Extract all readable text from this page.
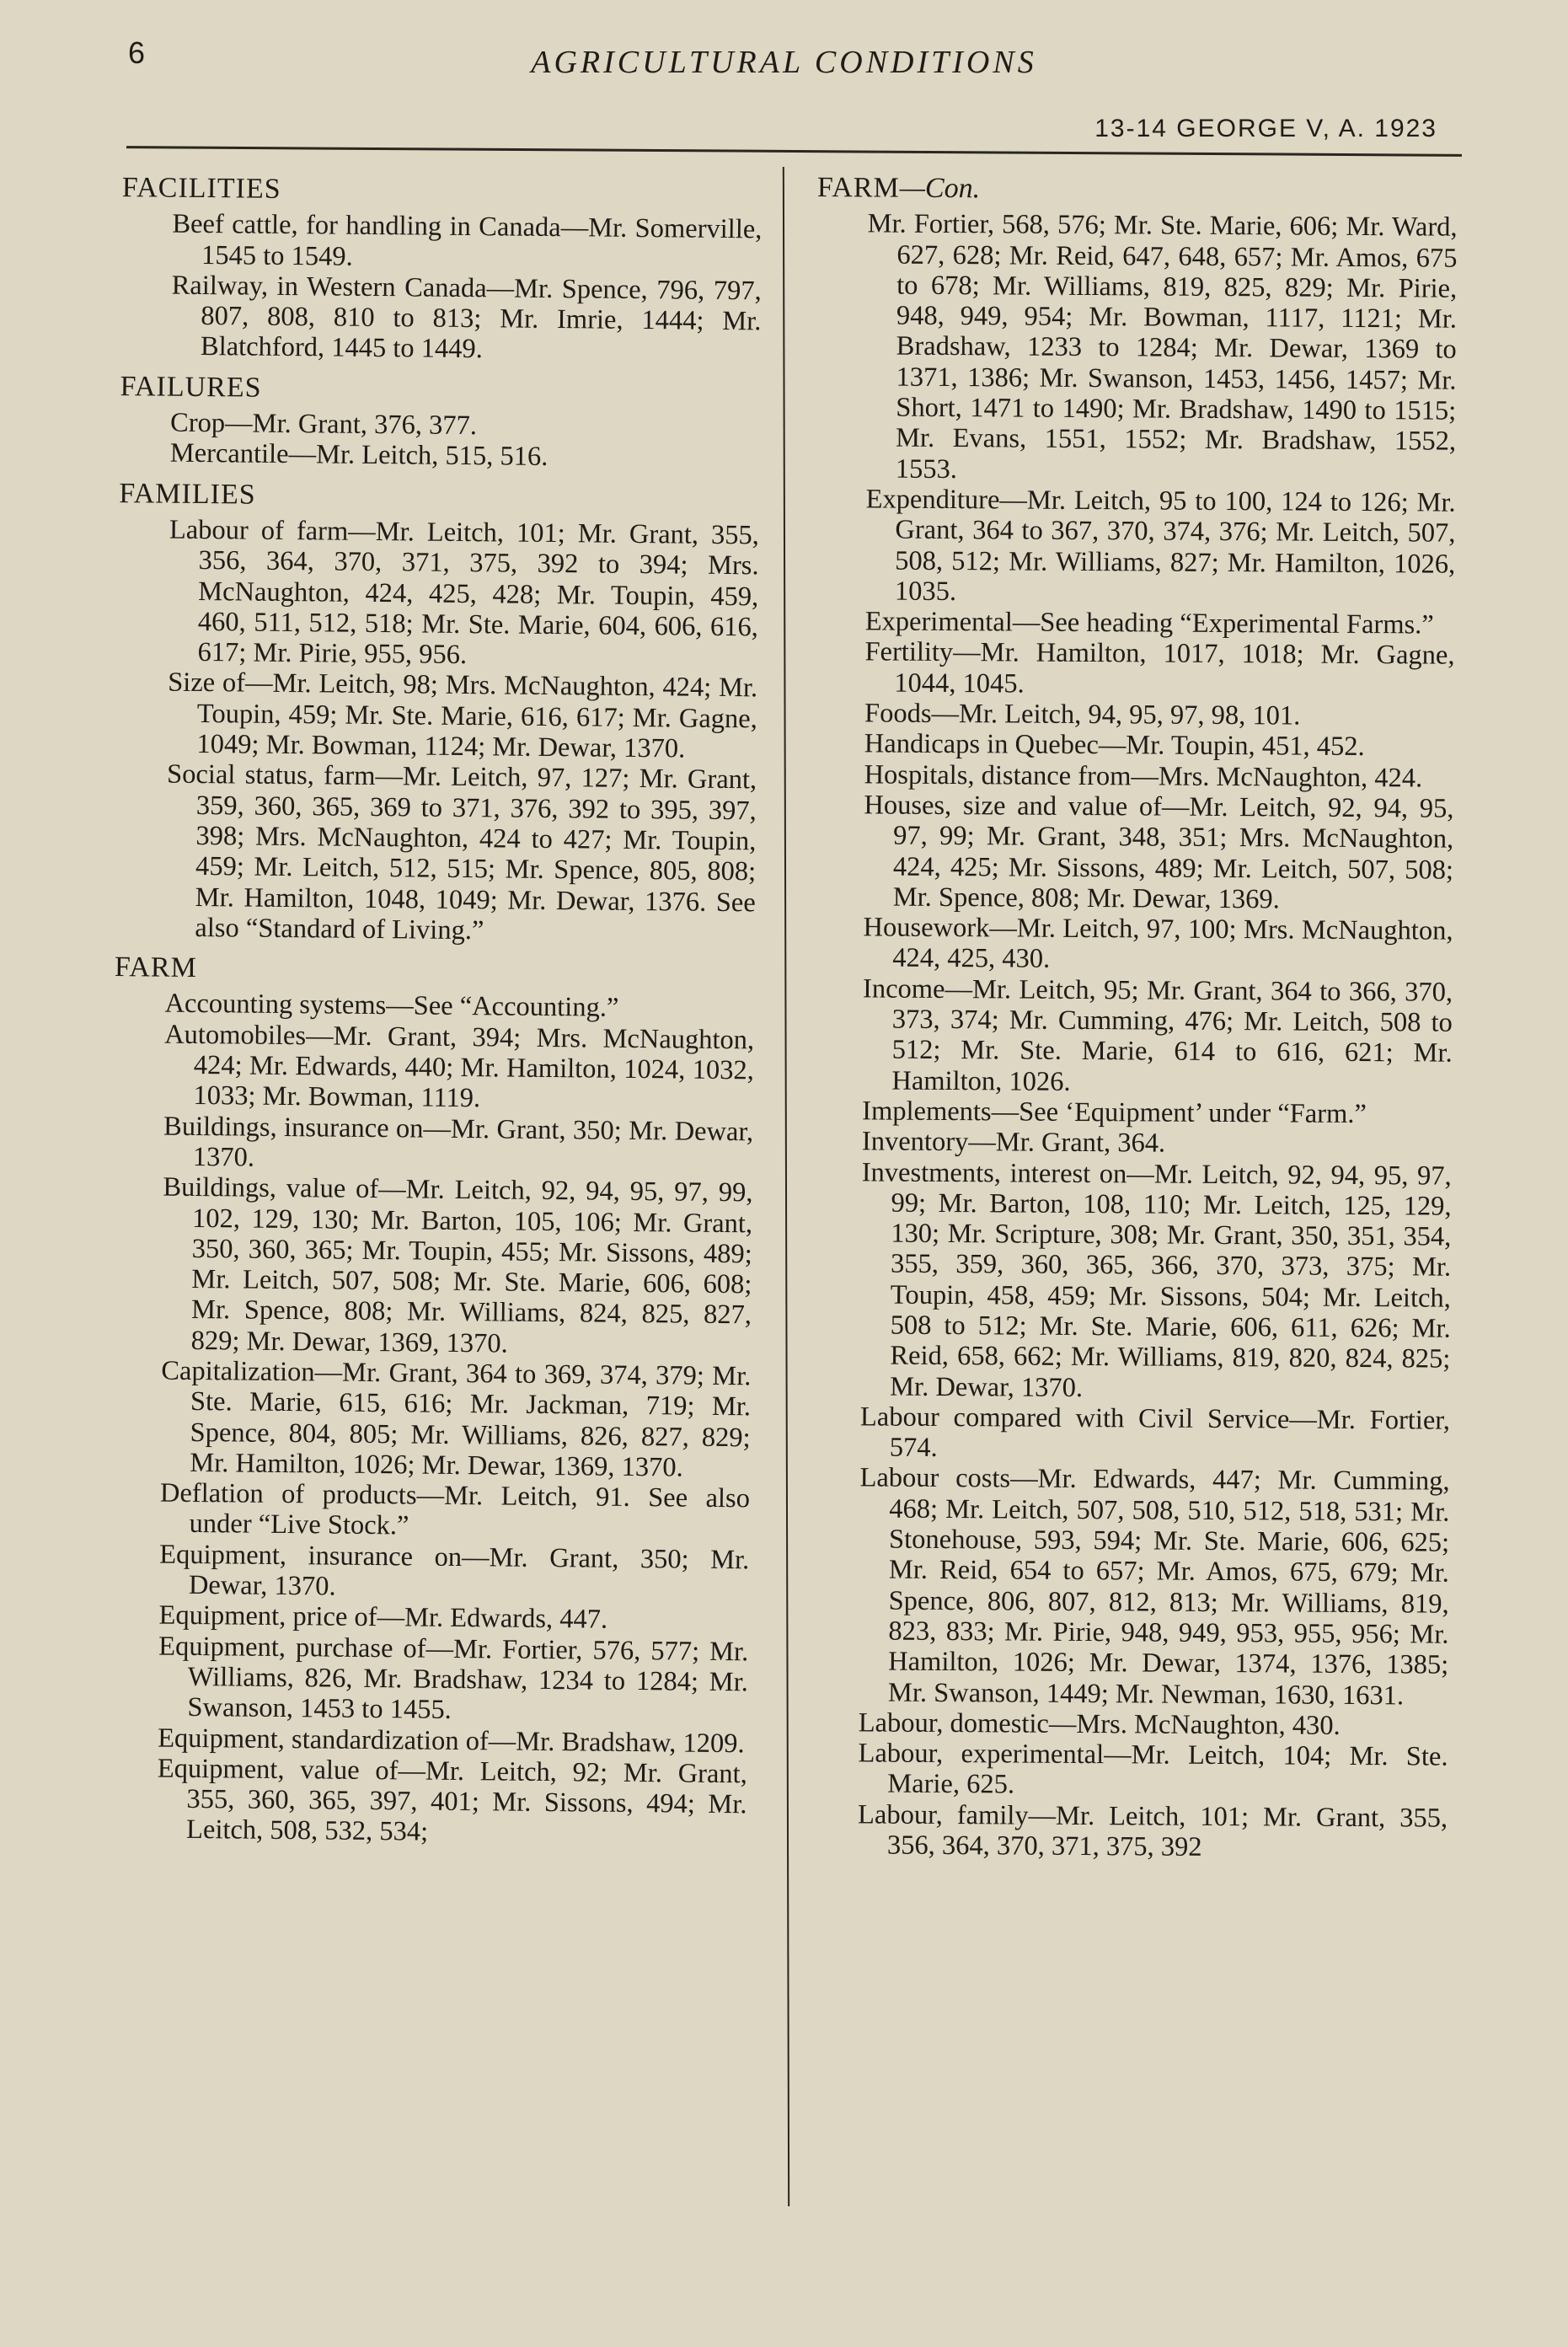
6	AGRICULTURAL CONDITIONS
13-14 GEORGE V, A. 1923
FACILITIES

Beef cattle, for handling in Canada—Mr. Somerville, 1545 to 1549.

Railway, in Western Canada—Mr. Spence, 796, 797, 807, 808, 810 to 813; Mr. Imrie, 1444; Mr. Blatchford, 1445 to 1449.

FAILURES

Crop—Mr. Grant, 376, 377.

Mercantile—Mr. Leitch, 515, 516.

FAMILIES

Labour of farm—Mr. Leitch, 101; Mr. Grant, 355, 356, 364, 370, 371, 375, 392 to 394; Mrs. McNaughton, 424, 425, 428; Mr. Toupin, 459, 460, 511, 512, 518; Mr. Ste. Marie, 604, 606, 616, 617; Mr. Pirie, 955, 956.

Size of—Mr. Leitch, 98; Mrs. McNaughton, 424; Mr. Toupin, 459; Mr. Ste. Marie, 616, 617; Mr. Gagne, 1049; Mr. Bowman, 1124; Mr. Dewar, 1370.

Social status, farm—Mr. Leitch, 97, 127; Mr. Grant, 359, 360, 365, 369 to 371, 376, 392 to 395, 397, 398; Mrs. McNaughton, 424 to 427; Mr. Toupin, 459; Mr. Leitch, 512, 515; Mr. Spence, 805, 808; Mr. Hamilton, 1048, 1049; Mr. Dewar, 1376. See also “Standard of Living.”

FARM

Accounting systems—See “Accounting.”

Automobiles—Mr. Grant, 394; Mrs. McNaughton, 424; Mr. Edwards, 440; Mr. Hamilton, 1024, 1032, 1033; Mr. Bowman, 1119.

Buildings, insurance on—Mr. Grant, 350; Mr. Dewar, 1370.

Buildings, value of—Mr. Leitch, 92, 94, 95, 97, 99, 102, 129, 130; Mr. Barton, 105, 106; Mr. Grant, 350, 360, 365; Mr. Toupin, 455; Mr. Sissons, 489; Mr. Leitch, 507, 508; Mr. Ste. Marie, 606, 608; Mr. Spence, 808; Mr. Williams, 824, 825, 827, 829; Mr. Dewar, 1369, 1370.

Capitalization—Mr. Grant, 364 to 369, 374, 379; Mr. Ste. Marie, 615, 616; Mr. Jackman, 719; Mr. Spence, 804, 805; Mr. Williams, 826, 827, 829; Mr. Hamilton, 1026; Mr. Dewar, 1369, 1370.

Deflation of products—Mr. Leitch, 91. See also under “Live Stock.”

Equipment, insurance on—Mr. Grant, 350; Mr. Dewar, 1370.

Equipment, price of—Mr. Edwards, 447.

Equipment, purchase of—Mr. Fortier, 576, 577; Mr. Williams, 826, Mr. Bradshaw, 1234 to 1284; Mr. Swanson, 1453 to 1455.

Equipment, standardization of—Mr. Bradshaw, 1209.

Equipment, value of—Mr. Leitch, 92; Mr. Grant, 355, 360, 365, 397, 401; Mr. Sissons, 494; Mr. Leitch, 508, 532, 534;

FARM—Con.

Mr. Fortier, 568, 576; Mr. Ste. Marie, 606; Mr. Ward, 627, 628; Mr. Reid, 647, 648, 657; Mr. Amos, 675 to 678; Mr. Williams, 819, 825, 829; Mr. Pirie, 948, 949, 954; Mr. Bowman, 1117, 1121; Mr. Bradshaw, 1233 to 1284; Mr. Dewar, 1369 to 1371, 1386; Mr. Swanson, 1453, 1456, 1457; Mr. Short, 1471 to 1490; Mr. Bradshaw, 1490 to 1515; Mr. Evans, 1551, 1552; Mr. Bradshaw, 1552, 1553.

Expenditure—Mr. Leitch, 95 to 100, 124 to 126; Mr. Grant, 364 to 367, 370, 374, 376; Mr. Leitch, 507, 508, 512; Mr. Williams, 827; Mr. Hamilton, 1026, 1035.

Experimental—See heading “Experimental Farms.”

Fertility—Mr. Hamilton, 1017, 1018; Mr. Gagne, 1044, 1045.

Foods—Mr. Leitch, 94, 95, 97, 98, 101.

Handicaps in Quebec—Mr. Toupin, 451, 452.

Hospitals, distance from—Mrs. McNaughton, 424.

Houses, size and value of—Mr. Leitch, 92, 94, 95, 97, 99; Mr. Grant, 348, 351; Mrs. McNaughton, 424, 425; Mr. Sissons, 489; Mr. Leitch, 507, 508; Mr. Spence, 808; Mr. Dewar, 1369.

Housework—Mr. Leitch, 97, 100; Mrs. McNaughton, 424, 425, 430.

Income—Mr. Leitch, 95; Mr. Grant, 364 to 366, 370, 373, 374; Mr. Cumming, 476; Mr. Leitch, 508 to 512; Mr. Ste. Marie, 614 to 616, 621; Mr. Hamilton, 1026.

Implements—See ‘Equipment’ under “Farm.”

Inventory—Mr. Grant, 364.

Investments, interest on—Mr. Leitch, 92, 94, 95, 97, 99; Mr. Barton, 108, 110; Mr. Leitch, 125, 129, 130; Mr. Scripture, 308; Mr. Grant, 350, 351, 354, 355, 359, 360, 365, 366, 370, 373, 375; Mr. Toupin, 458, 459; Mr. Sissons, 504; Mr. Leitch, 508 to 512; Mr. Ste. Marie, 606, 611, 626; Mr. Reid, 658, 662; Mr. Williams, 819, 820, 824, 825; Mr. Dewar, 1370.

Labour compared with Civil Service—Mr. Fortier, 574.

Labour costs—Mr. Edwards, 447; Mr. Cumming, 468; Mr. Leitch, 507, 508, 510, 512, 518, 531; Mr. Stonehouse, 593, 594; Mr. Ste. Marie, 606, 625; Mr. Reid, 654 to 657; Mr. Amos, 675, 679; Mr. Spence, 806, 807, 812, 813; Mr. Williams, 819, 823, 833; Mr. Pirie, 948, 949, 953, 955, 956; Mr. Hamilton, 1026; Mr. Dewar, 1374, 1376, 1385; Mr. Swanson, 1449; Mr. Newman, 1630, 1631.

Labour, domestic—Mrs. McNaughton, 430.

Labour, experimental—Mr. Leitch, 104; Mr. Ste. Marie, 625.

Labour, family—Mr. Leitch, 101; Mr. Grant, 355, 356, 364, 370, 371, 375, 392
